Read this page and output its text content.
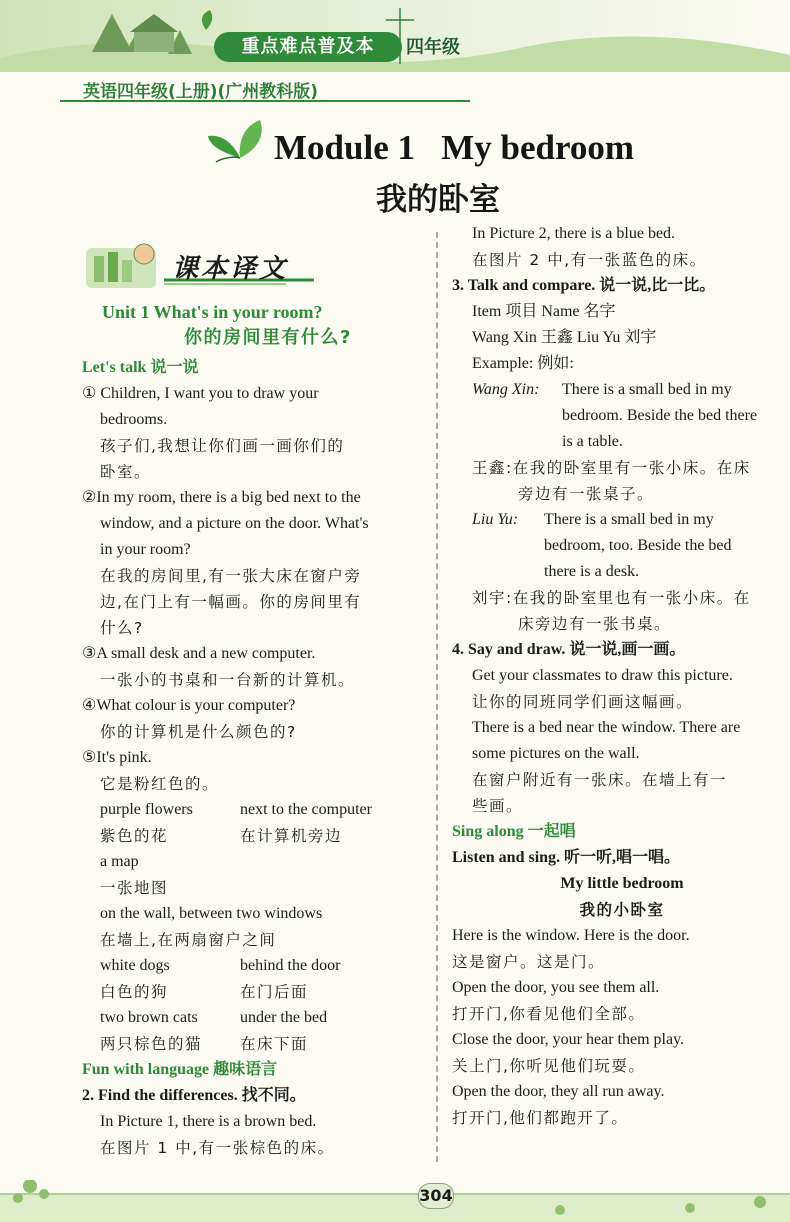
重点难点普及本	四年级
英语四年级(上册)(广州教科版)
Module 1   My bedroom
我的卧室
课本译文
Unit 1 What's in your room?
你的房间里有什么?
Let's talk 说一说
① Children, I want you to draw your
bedrooms.
孩子们,我想让你们画一画你们的
卧室。
②In my room, there is a big bed next to the
window, and a picture on the door. What's
in your room?
在我的房间里,有一张大床在窗户旁
边,在门上有一幅画。你的房间里有
什么?
③A small desk and a new computer.
一张小的书桌和一台新的计算机。
④What colour is your computer?
你的计算机是什么颜色的?
⑤It's pink.
它是粉红色的。
purple flowers	next to the computer
紫色的花	在计算机旁边
a map
一张地图
on the wall, between two windows
在墙上,在两扇窗户之间
white dogs	behind the door
白色的狗	在门后面
two brown cats	under the bed
两只棕色的猫 在床下面
Fun with language 趣味语言
2. Find the differences. 找不同。
In Picture 1, there is a brown bed.
在图片 1 中,有一张棕色的床。
In Picture 2, there is a blue bed.
在图片 2 中,有一张蓝色的床。
3. Talk and compare. 说一说,比一比。
Item 项目 Name 名字
Wang Xin 王鑫 Liu Yu 刘宇
Example: 例如:
Wang Xin: There is a small bed in my
bedroom. Beside the bed there
is a table.
王鑫:在我的卧室里有一张小床。在床
旁边有一张桌子。
Liu Yu: There is a small bed in my
bedroom, too. Beside the bed
there is a desk.
刘宇:在我的卧室里也有一张小床。在
床旁边有一张书桌。
4. Say and draw. 说一说,画一画。
Get your classmates to draw this picture.
让你的同班同学们画这幅画。
There is a bed near the window. There are
some pictures on the wall.
在窗户附近有一张床。在墙上有一
些画。
Sing along 一起唱
Listen and sing. 听一听,唱一唱。
My little bedroom
我的小卧室
Here is the window. Here is the door.
这是窗户。这是门。
Open the door, you see them all.
打开门,你看见他们全部。
Close the door, your hear them play.
关上门,你听见他们玩耍。
Open the door, they all run away.
打开门,他们都跑开了。
304
